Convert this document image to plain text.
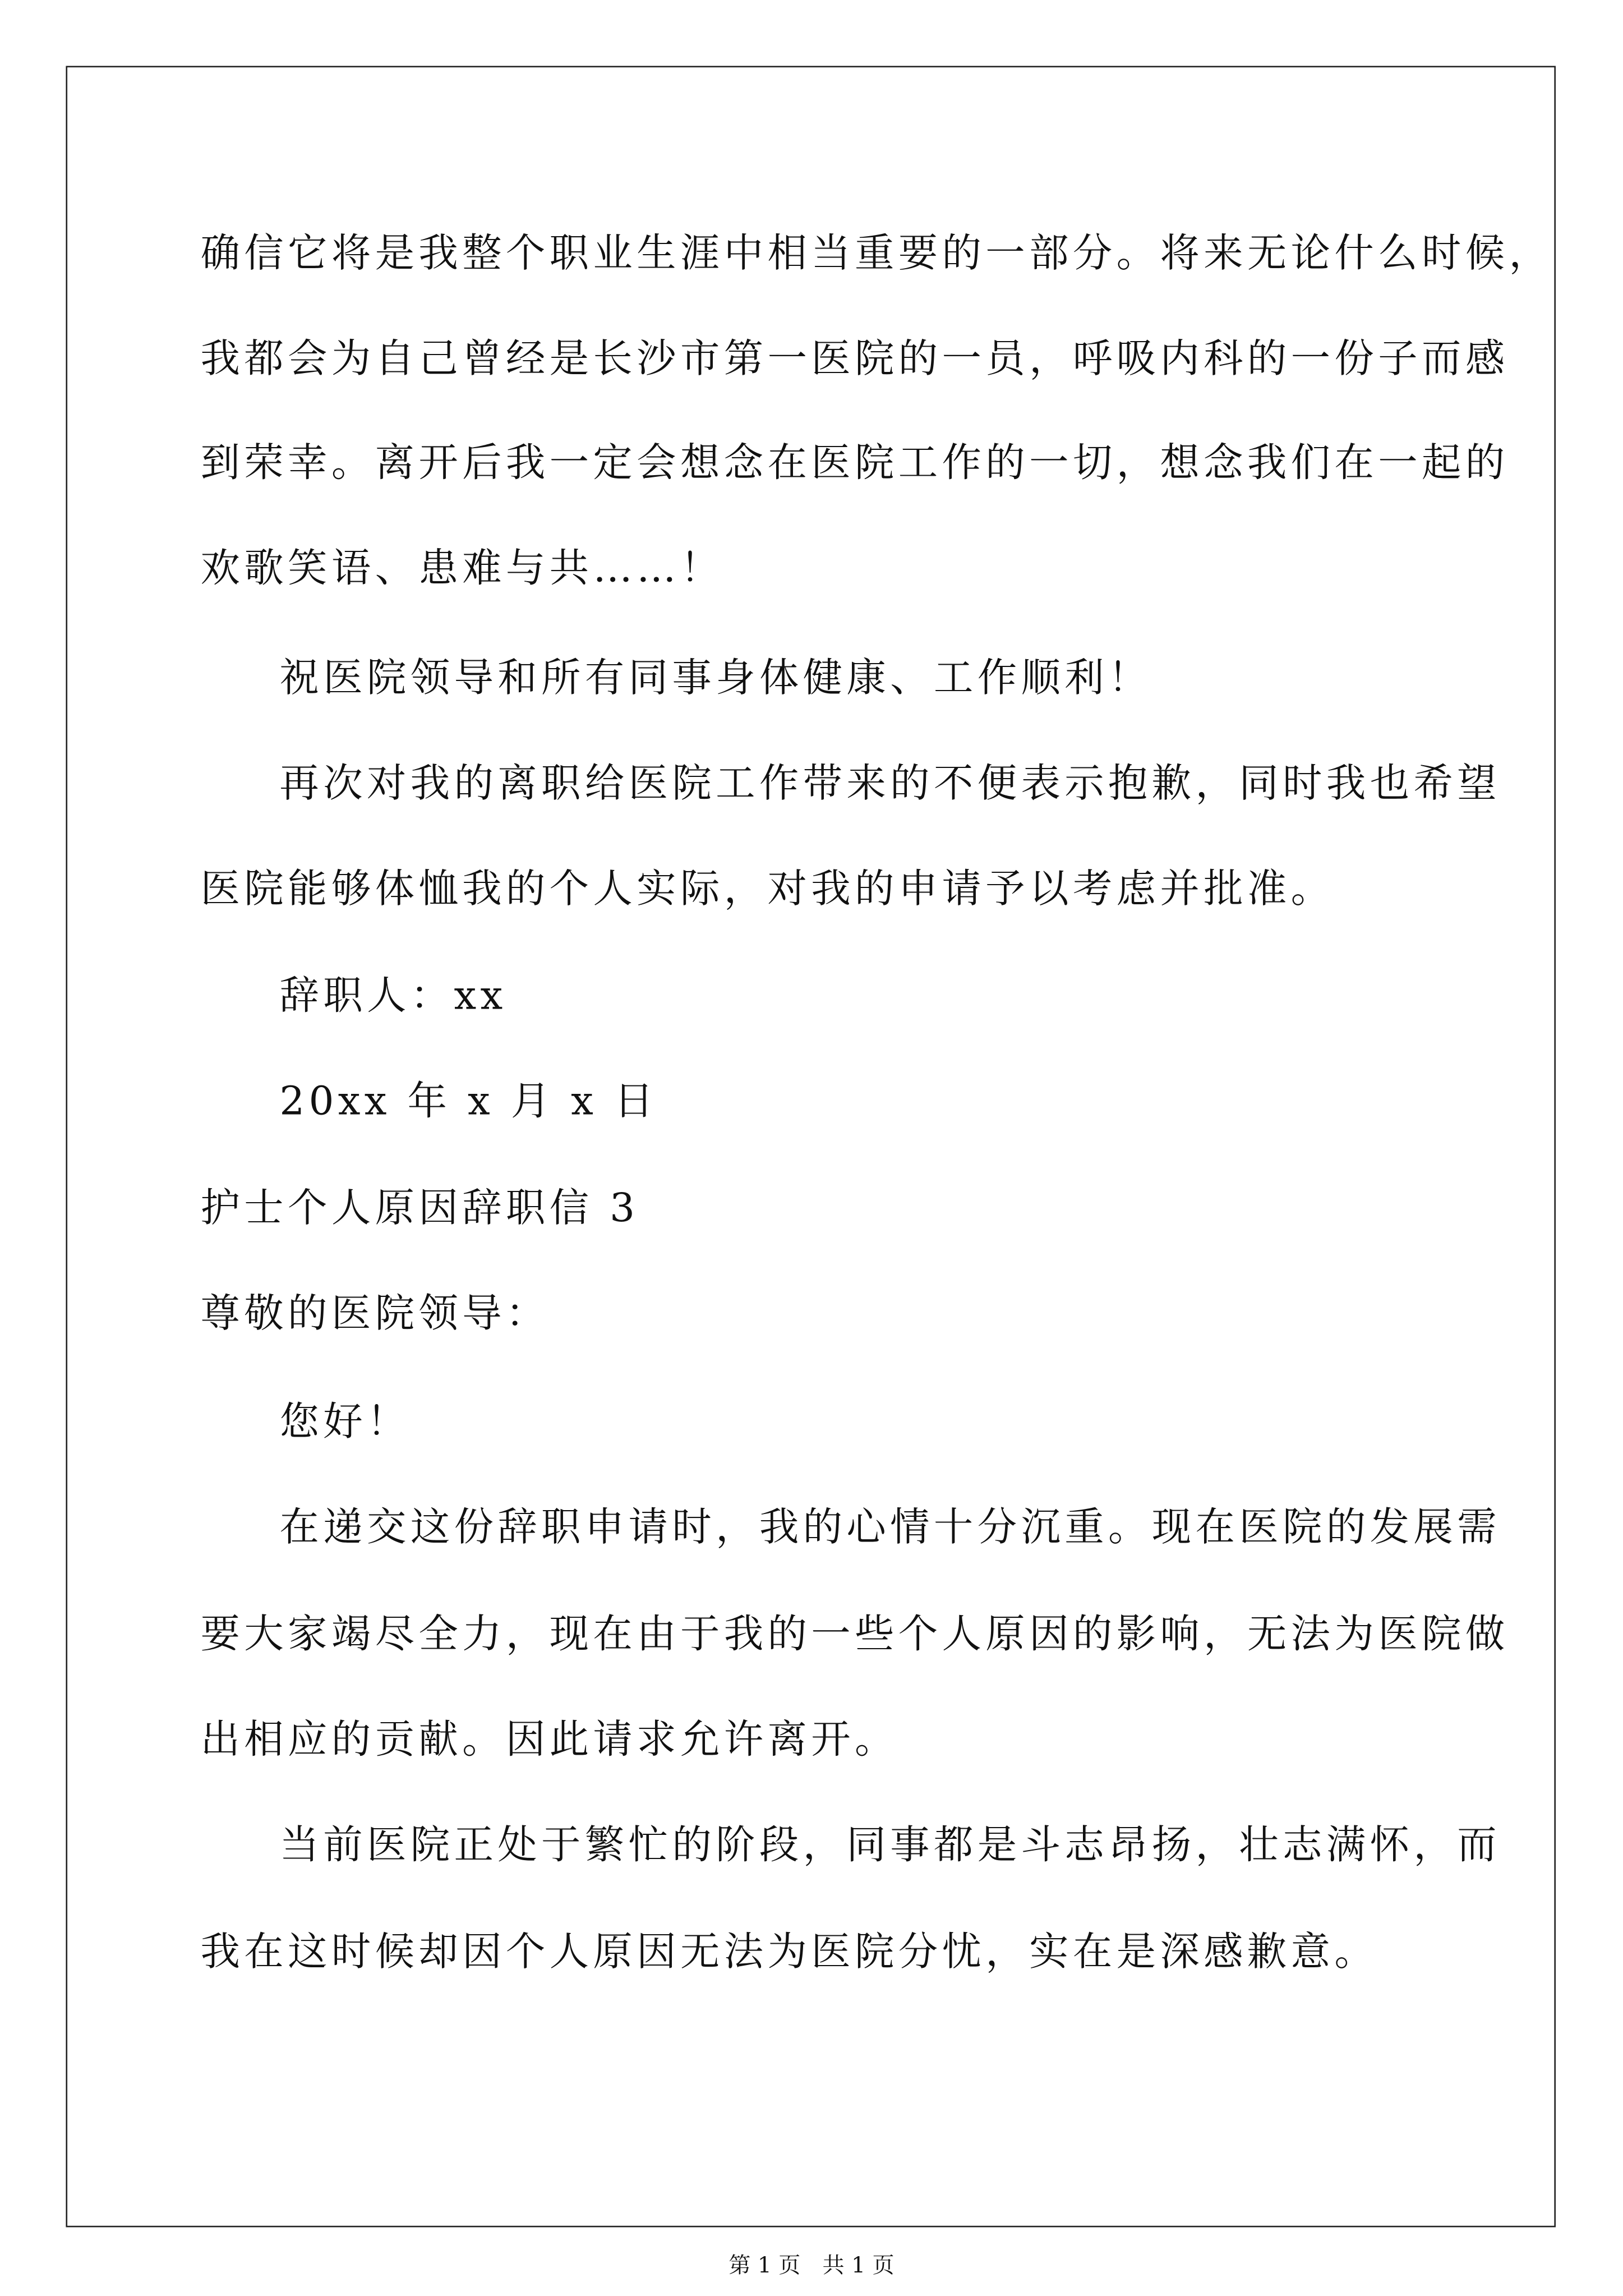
确信它将是我整个职业生涯中相当重要的一部分。将来无论什么时候，
我都会为自己曾经是长沙市第一医院的一员，呼吸内科的一份子而感
到荣幸。离开后我一定会想念在医院工作的一切，想念我们在一起的
欢歌笑语、患难与共……！
祝医院领导和所有同事身体健康、工作顺利！
再次对我的离职给医院工作带来的不便表示抱歉，同时我也希望
医院能够体恤我的个人实际，对我的申请予以考虑并批准。
辞职人：xx
20xx 年 x 月 x 日
护士个人原因辞职信 3
尊敬的医院领导：
您好！
在递交这份辞职申请时，我的心情十分沉重。现在医院的发展需
要大家竭尽全力，现在由于我的一些个人原因的影响，无法为医院做
出相应的贡献。因此请求允许离开。
当前医院正处于繁忙的阶段，同事都是斗志昂扬，壮志满怀，而
我在这时候却因个人原因无法为医院分忧，实在是深感歉意。
第 1 页　共 1 页
